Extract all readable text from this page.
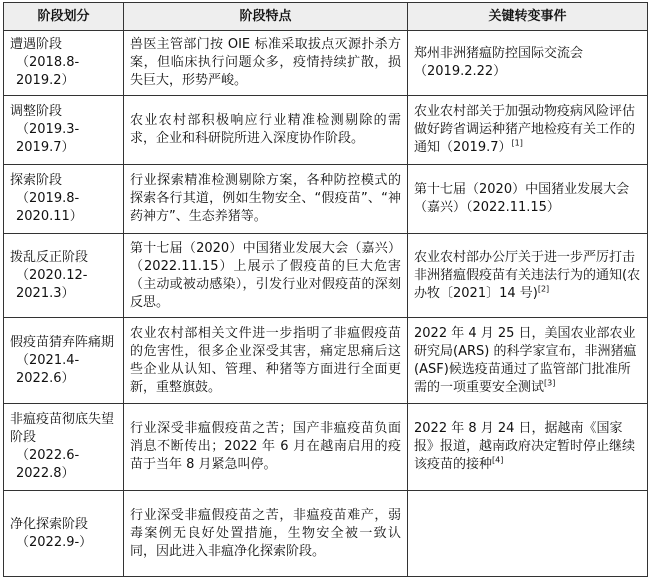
阶段划分	阶段特点	关键转变事件
遭遇阶段

（2018.8-2019.2）	兽医主管部门按 OIE 标准采取拔点灭源扑杀方案，但临床执行问题众多，疫情持续扩散，损失巨大，形势严峻。	郑州非洲猪瘟防控国际交流会（2019.2.22）
调整阶段

（2019.3-2019.7）	农业农村部积极响应行业精准检测剔除的需求，企业和科研院所进入深度协作阶段。	农业农村部关于加强动物疫病风险评估做好跨省调运种猪产地检疫有关工作的通知（2019.7）[1]
探索阶段

（2019.8-2020.11）	行业探索精准检测剔除方案，各种防控模式的探索各行其道，例如生物安全、“假疫苗”、“神药神方”、生态养猪等。	第十七届（2020）中国猪业发展大会（嘉兴）（2022.11.15）
拨乱反正阶段

（2020.12-2021.3）	第十七届（2020）中国猪业发展大会（嘉兴）（2022.11.15）上展示了假疫苗的巨大危害（主动或被动感染），引发行业对假疫苗的深刻反思。	农业农村部办公厅关于进一步严厉打击非洲猪瘟假疫苗有关违法行为的通知(农办牧〔2021〕14 号)[2]
假疫苗猜弃阵痛期

（2021.4-2022.6）	农业农村部相关文件进一步指明了非瘟假疫苗的危害性，很多企业深受其害，痛定思痛后这些企业从认知、管理、种猪等方面进行全面更新，重整旗鼓。	2022 年 4 月 25 日，美国农业部农业研究局(ARS) 的科学家宣布，非洲猪瘟(ASF)候选疫苗通过了监管部门批准所需的一项重要安全测试[3]
非瘟疫苗彻底失望阶段

（2022.6-2022.8）	行业深受非瘟假疫苗之苦；国产非瘟疫苗负面消息不断传出；2022 年 6 月在越南启用的疫苗于当年 8 月紧急叫停。	2022 年 8 月 24 日，据越南《国家报》报道，越南政府决定暂时停止继续该疫苗的接种[4]
净化探索阶段

（2022.9-）	行业深受非瘟假疫苗之苦，非瘟疫苗难产，弱毒案例无良好处置措施，生物安全被一致认同，因此进入非瘟净化探索阶段。	
